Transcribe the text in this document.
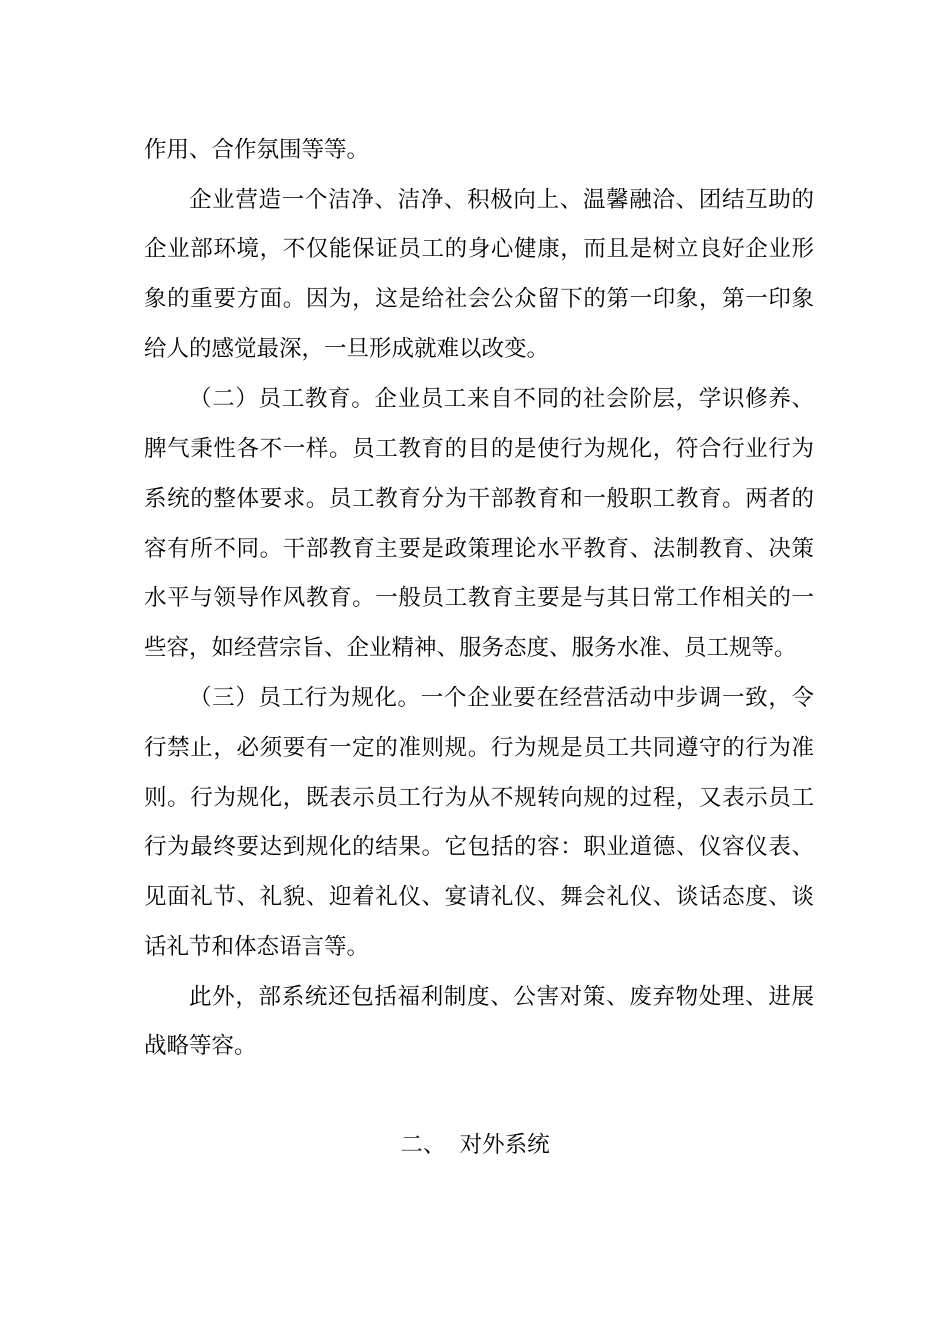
作用、合作氛围等等。
企业营造一个洁净、洁净、积极向上、温馨融洽、团结互助的
企业部环境，不仅能保证员工的身心健康，而且是树立良好企业形
象的重要方面。因为，这是给社会公众留下的第一印象，第一印象
给人的感觉最深，一旦形成就难以改变。
（二）员工教育。企业员工来自不同的社会阶层，学识修养、
脾气秉性各不一样。员工教育的目的是使行为规化，符合行业行为
系统的整体要求。员工教育分为干部教育和一般职工教育。两者的
容有所不同。干部教育主要是政策理论水平教育、法制教育、决策
水平与领导作风教育。一般员工教育主要是与其日常工作相关的一
些容，如经营宗旨、企业精神、服务态度、服务水准、员工规等。
（三）员工行为规化。一个企业要在经营活动中步调一致，令
行禁止，必须要有一定的准则规。行为规是员工共同遵守的行为准
则。行为规化，既表示员工行为从不规转向规的过程，又表示员工
行为最终要达到规化的结果。它包括的容：职业道德、仪容仪表、
见面礼节、礼貌、迎着礼仪、宴请礼仪、舞会礼仪、谈话态度、谈
话礼节和体态语言等。
此外，部系统还包括福利制度、公害对策、废弃物处理、进展
战略等容。
二、  对外系统
